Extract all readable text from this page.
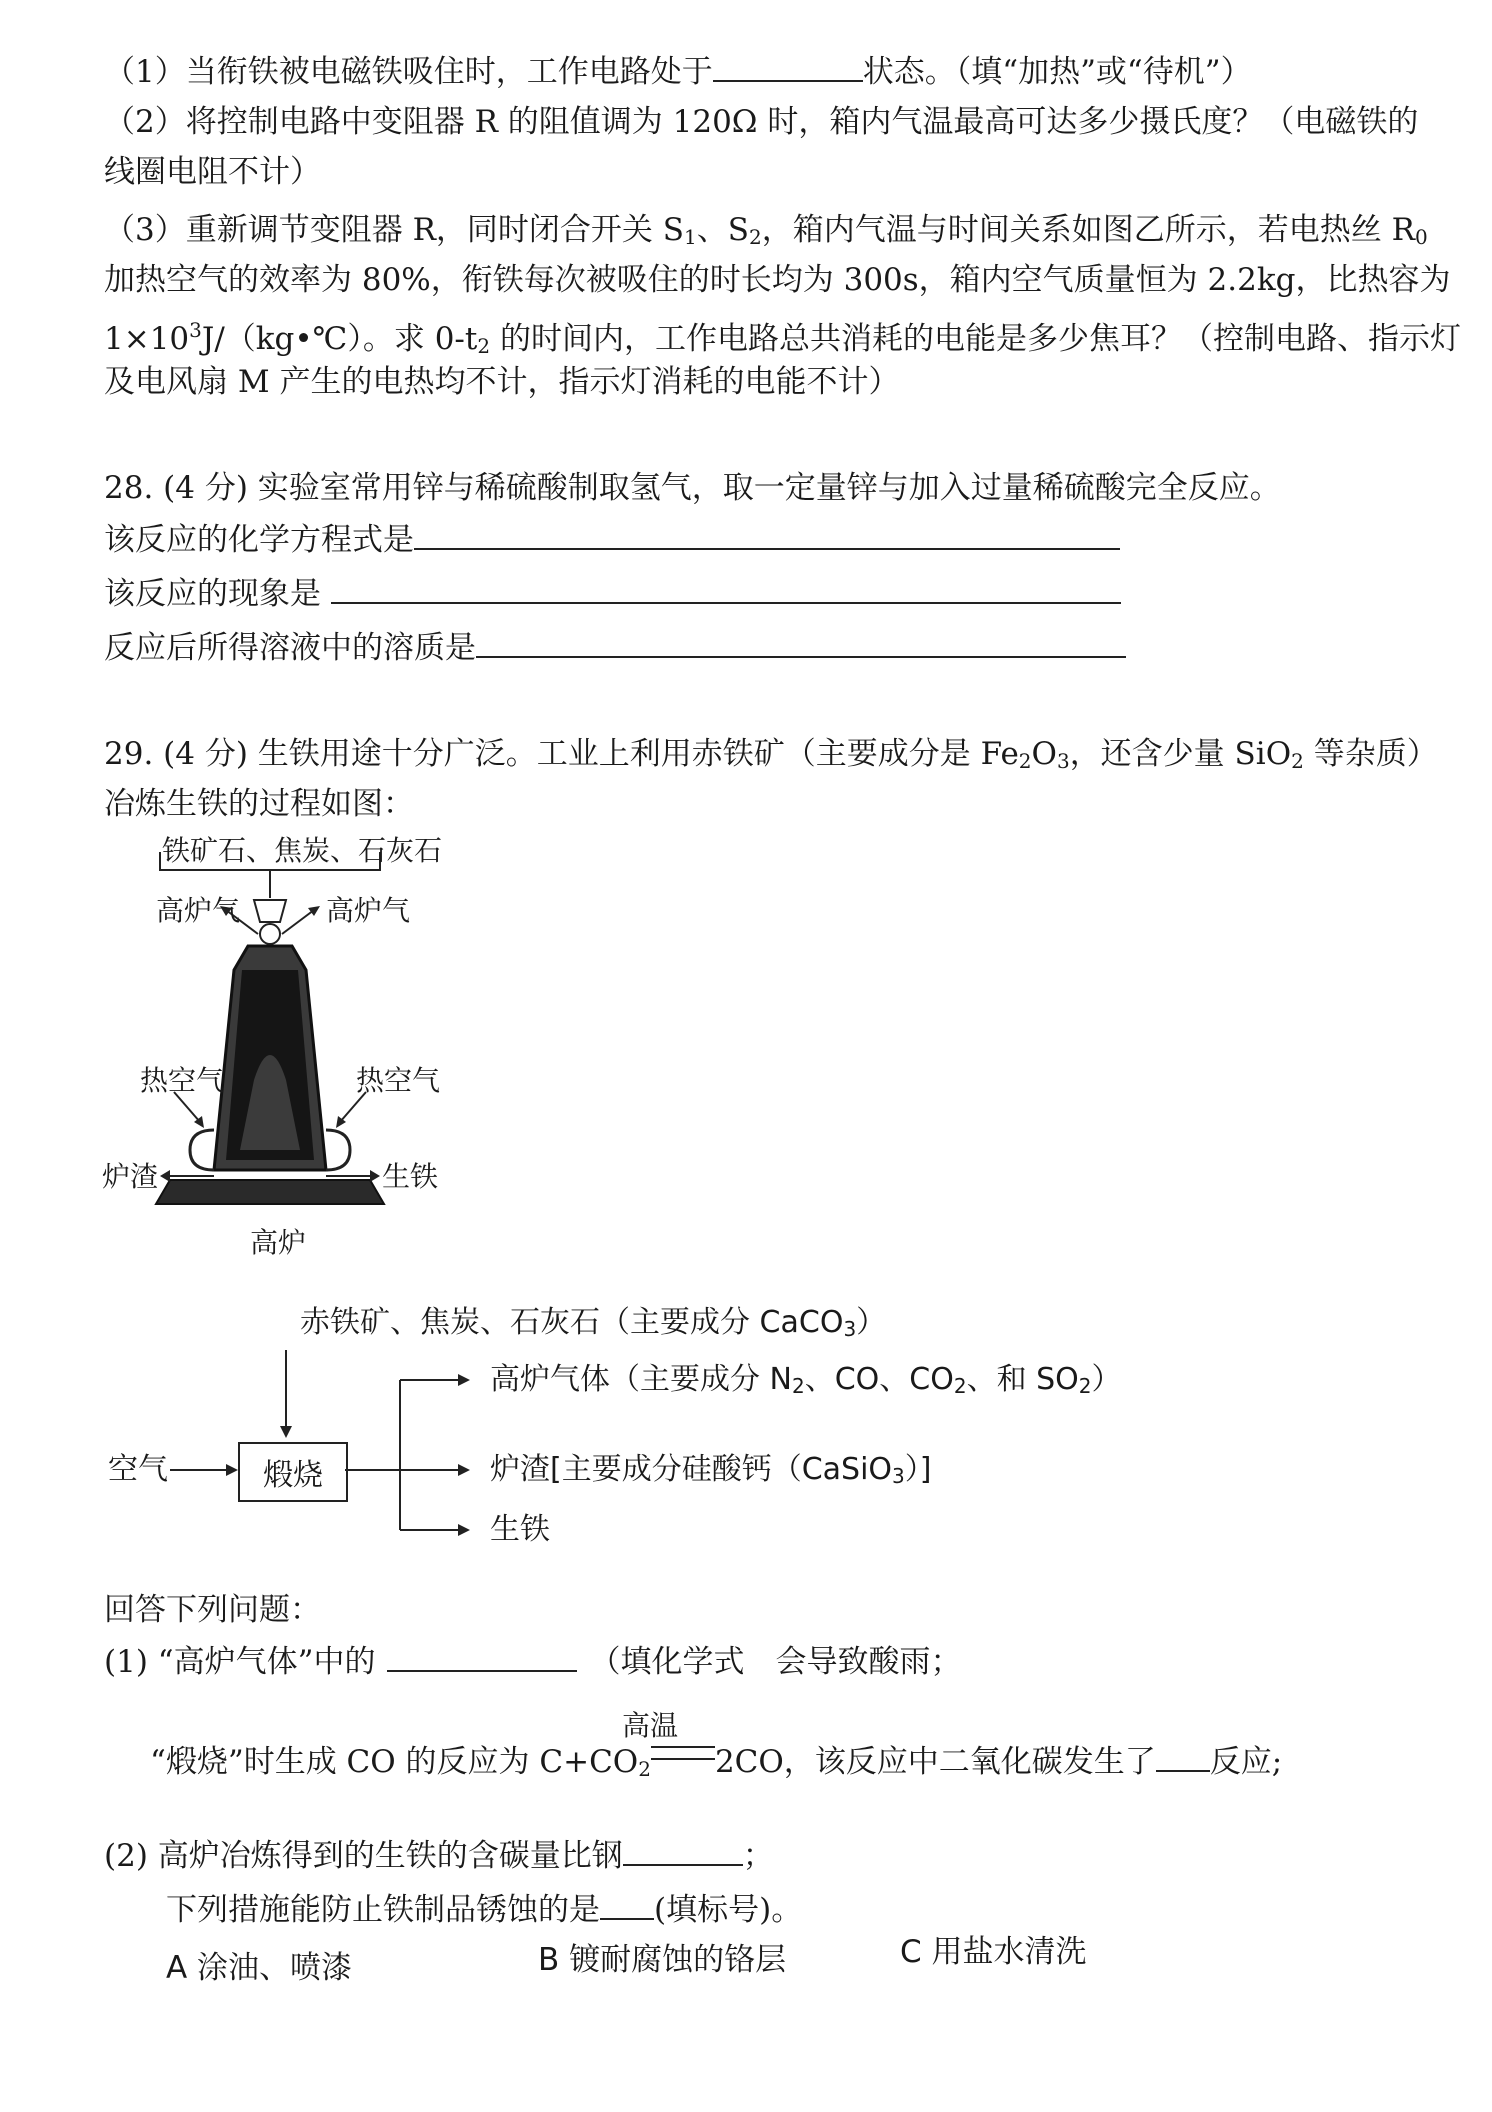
（1）当衔铁被电磁铁吸住时，工作电路处于	状态。（填“加热”或“待机”）
（2）将控制电路中变阻器 R 的阻值调为 120Ω 时，箱内气温最高可达多少摄氏度？（电磁铁的
线圈电阻不计）
（3）重新调节变阻器 R，同时闭合开关 $S_1$、$S_2$，箱内气温与时间关系如图乙所示，若电热丝 $R_0$
加热空气的效率为 80%，衔铁每次被吸住的时长均为 300s，箱内空气质量恒为 2.2kg，比热容为
$1\times 10^3J/(kg•℃)$。求 $0-t_2$ 的时间内，工作电路总共消耗的电能是多少焦耳？（控制电路、指示灯
及电风扇 M 产生的电热均不计，指示灯消耗的电能不计）
28. (4 分) 实验室常用锌与稀硫酸制取氢气，取一定量锌与加入过量稀硫酸完全反应。
该反应的化学方程式是
该反应的现象是
反应后所得溶液中的溶质是
29. (4 分) 生铁用途十分广泛。工业上利用赤铁矿（主要成分是 $Fe_2O_3$，还含少量 SiO$_2$ 等杂质）
冶炼生铁的过程如图：
铁矿石、焦炭、石灰石
高炉气	高炉气
热空气	热空气
炉渣	生铁
高炉
赤铁矿、焦炭、石灰石（主要成分 CaCO$_3$）
煅烧
空气
高炉气体（主要成分 $N_2$、CO、$CO_2$、和 $SO_2$）
炉渣[主要成分硅酸钙（CaSiO$_3$）]
生铁
回答下列问题：
(1) “高炉气体”中的	（填化学式　会导致酸雨；
高温
“煅烧”时生成 CO 的反应为 $C+CO_2$ 2CO，该反应中二氧化碳发生了 反应;
(2) 高炉冶炼得到的生铁的含碳量比钢	；
下列措施能防止铁制品锈蚀的是 (填标号)。
A 涂油、喷漆	B 镀耐腐蚀的铬层	C 用盐水清洗
